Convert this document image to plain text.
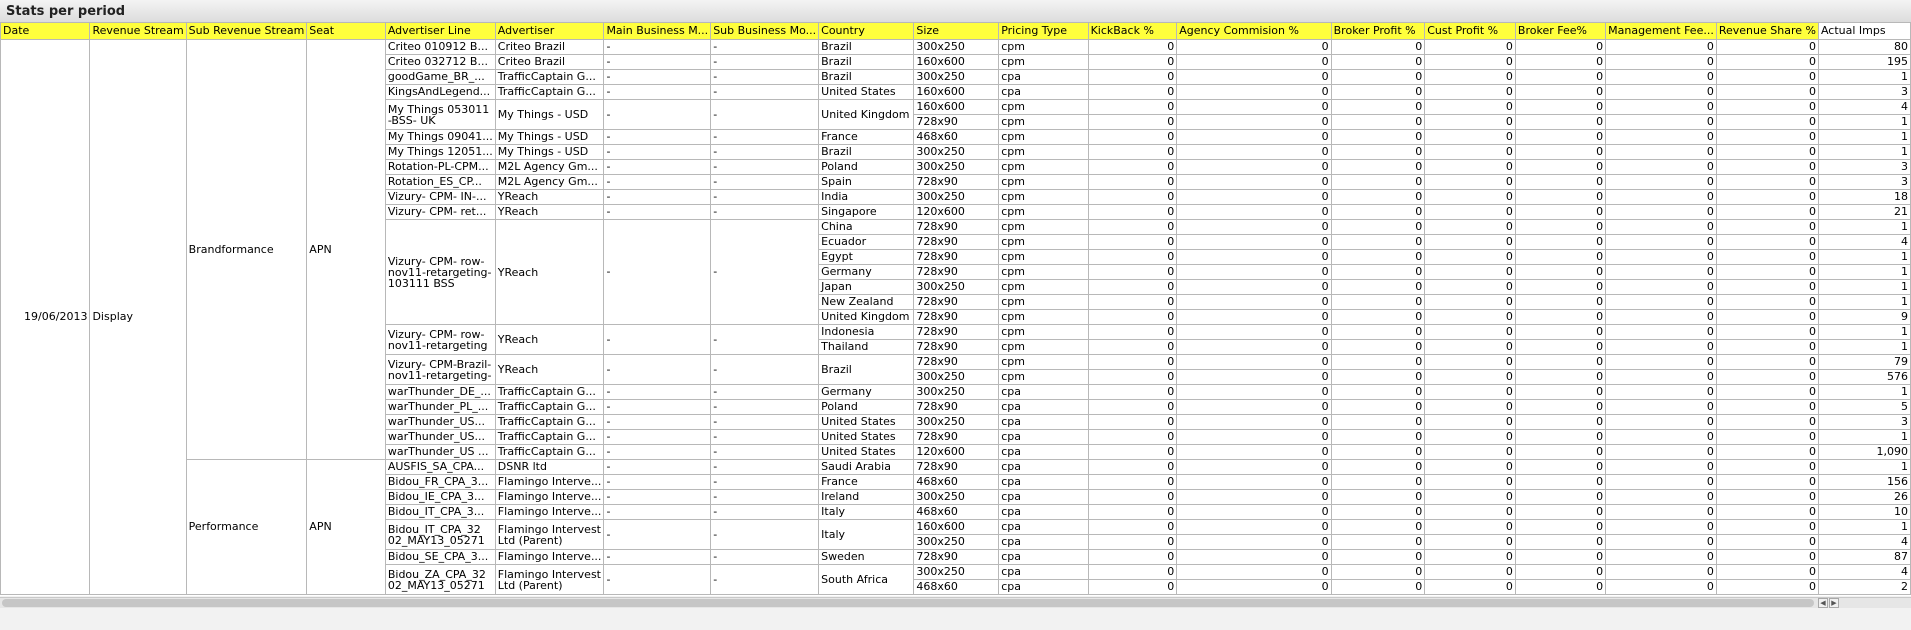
Stats per period
Date	Revenue Stream	Sub Revenue Stream	Seat	Advertiser Line	Advertiser	Main Business M...	Sub Business Mo...	Country	Size	Pricing Type	KickBack %	Agency Commision %	Broker Profit %	Cust Profit %	Broker Fee%	Management Fee...	Revenue Share %	Actual Imps
19/06/2013	Display	Brandformance	APN	Criteo 010912 B...	Criteo Brazil	-	-	Brazil	300x250	cpm	0	0	0	0	0	0	0	80
				Criteo 032712 B...	Criteo Brazil	-	-	Brazil	160x600	cpm	0	0	0	0	0	0	0	195
				goodGame_BR_...	TrafficCaptain G...	-	-	Brazil	300x250	cpa	0	0	0	0	0	0	0	1
				KingsAndLegend...	TrafficCaptain G...	-	-	United States	160x600	cpa	0	0	0	0	0	0	0	3
				My Things 053011 -BSS- UK	My Things - USD	-	-	United Kingdom	160x600	cpm	0	0	0	0	0	0	0	4
									728x90	cpm	0	0	0	0	0	0	0	1
				My Things 09041...	My Things - USD	-	-	France	468x60	cpm	0	0	0	0	0	0	0	1
				My Things 12051...	My Things - USD	-	-	Brazil	300x250	cpm	0	0	0	0	0	0	0	1
				Rotation-PL-CPM...	M2L Agency Gm...	-	-	Poland	300x250	cpm	0	0	0	0	0	0	0	3
				Rotation_ES_CP...	M2L Agency Gm...	-	-	Spain	728x90	cpm	0	0	0	0	0	0	0	3
				Vizury- CPM- IN-...	YReach	-	-	India	300x250	cpm	0	0	0	0	0	0	0	18
				Vizury- CPM- ret...	YReach	-	-	Singapore	120x600	cpm	0	0	0	0	0	0	0	21
				Vizury- CPM- row-nov11-retargeting-103111 BSS	YReach	-	-	China	728x90	cpm	0	0	0	0	0	0	0	1
								Ecuador	728x90	cpm	0	0	0	0	0	0	0	4
								Egypt	728x90	cpm	0	0	0	0	0	0	0	1
								Germany	728x90	cpm	0	0	0	0	0	0	0	1
								Japan	300x250	cpm	0	0	0	0	0	0	0	1
								New Zealand	728x90	cpm	0	0	0	0	0	0	0	1
								United Kingdom	728x90	cpm	0	0	0	0	0	0	0	9
				Vizury- CPM- row-nov11-retargeting	YReach	-	-	Indonesia	728x90	cpm	0	0	0	0	0	0	0	1
								Thailand	728x90	cpm	0	0	0	0	0	0	0	1
				Vizury- CPM-Brazil-nov11-retargeting-	YReach	-	-	Brazil	728x90	cpm	0	0	0	0	0	0	0	79
									300x250	cpm	0	0	0	0	0	0	0	576
				warThunder_DE_...	TrafficCaptain G...	-	-	Germany	300x250	cpa	0	0	0	0	0	0	0	1
				warThunder_PL_...	TrafficCaptain G...	-	-	Poland	728x90	cpa	0	0	0	0	0	0	0	5
				warThunder_US...	TrafficCaptain G...	-	-	United States	300x250	cpa	0	0	0	0	0	0	0	3
				warThunder_US...	TrafficCaptain G...	-	-	United States	728x90	cpa	0	0	0	0	0	0	0	1
				warThunder_US ...	TrafficCaptain G...	-	-	United States	120x600	cpa	0	0	0	0	0	0	0	1,090
		Performance	APN	AUSFIS_SA_CPA...	DSNR ltd	-	-	Saudi Arabia	728x90	cpa	0	0	0	0	0	0	0	1
				Bidou_FR_CPA_3...	Flamingo Interve...	-	-	France	468x60	cpa	0	0	0	0	0	0	0	156
				Bidou_IE_CPA_3...	Flamingo Interve...	-	-	Ireland	300x250	cpa	0	0	0	0	0	0	0	26
				Bidou_IT_CPA_3...	Flamingo Interve...	-	-	Italy	468x60	cpa	0	0	0	0	0	0	0	10
				Bidou_IT_CPA_32 02_MAY13_05271	Flamingo Intervest Ltd (Parent)	-	-	Italy	160x600	cpa	0	0	0	0	0	0	0	1
									300x250	cpa	0	0	0	0	0	0	0	4
				Bidou_SE_CPA_3...	Flamingo Interve...	-	-	Sweden	728x90	cpa	0	0	0	0	0	0	0	87
				Bidou_ZA_CPA_32 02_MAY13_05271	Flamingo Intervest Ltd (Parent)	-	-	South Africa	300x250	cpa	0	0	0	0	0	0	0	4
									468x60	cpa	0	0	0	0	0	0	0	2
◀ ▶
